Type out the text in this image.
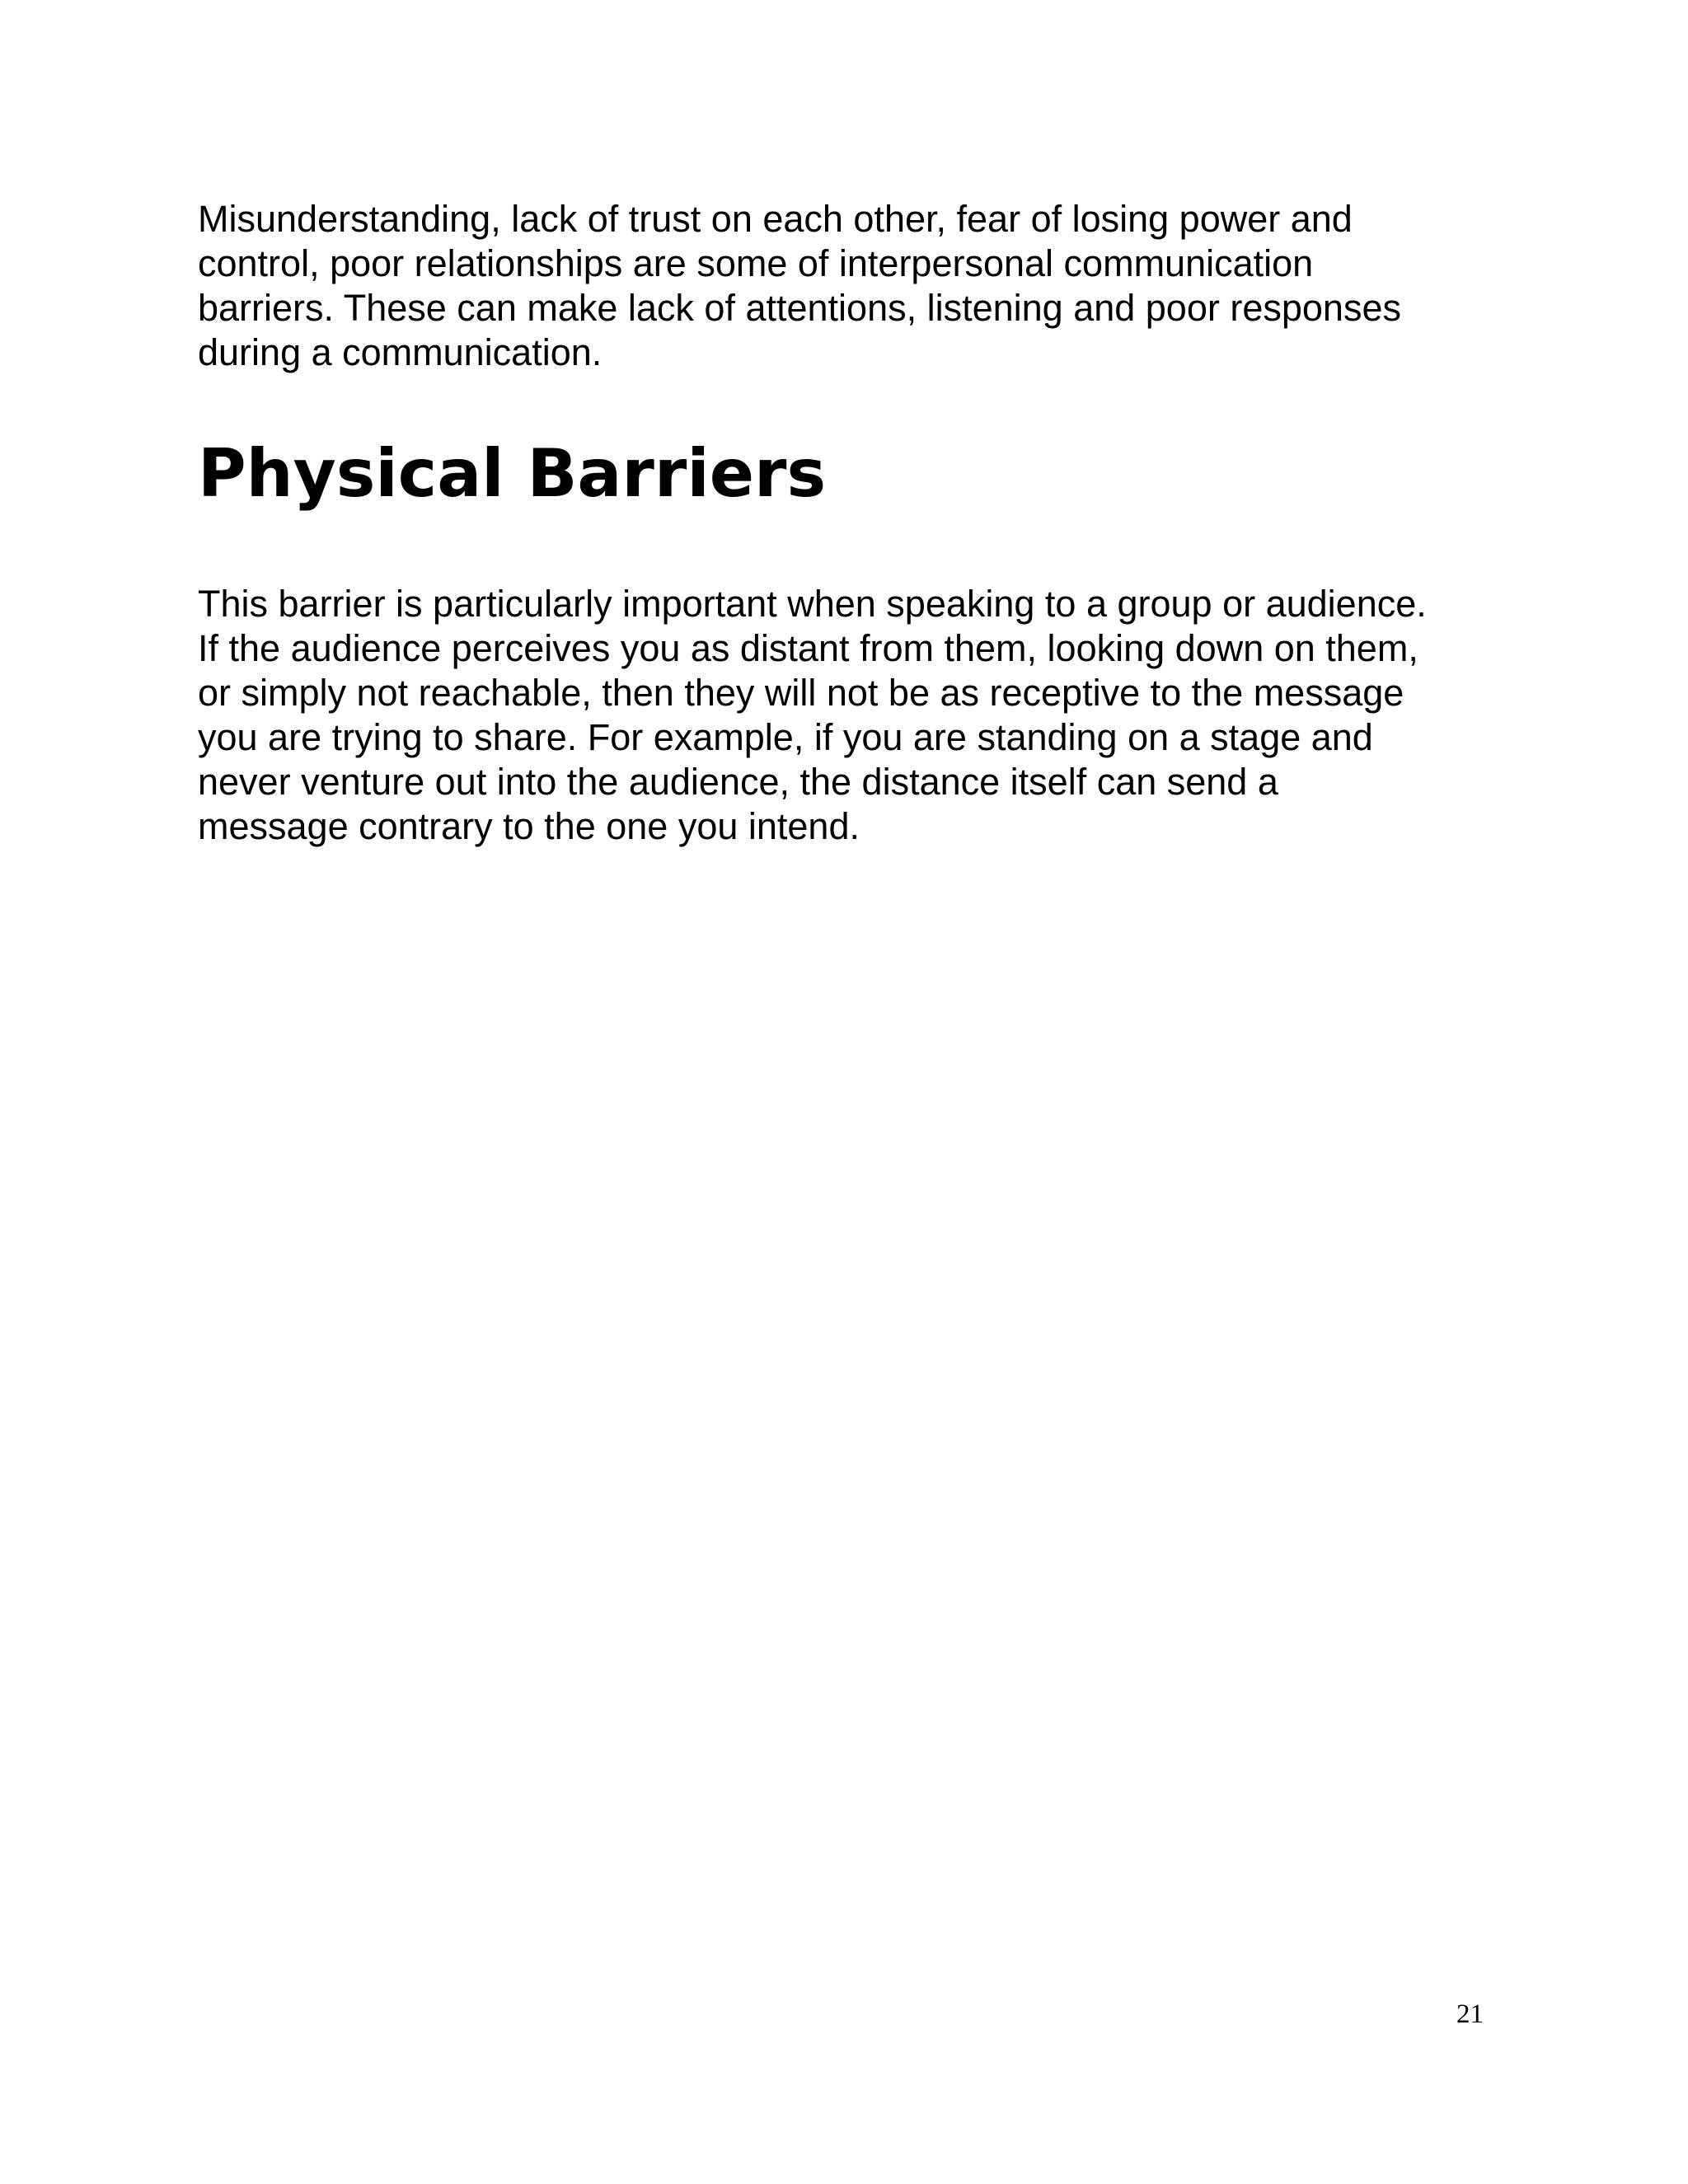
Misunderstanding, lack of trust on each other, fear of losing power and
control, poor relationships are some of interpersonal communication
barriers. These can make lack of attentions, listening and poor responses
during a communication.

Physical Barriers

This barrier is particularly important when speaking to a group or audience.
If the audience perceives you as distant from them, looking down on them,
or simply not reachable, then they will not be as receptive to the message
you are trying to share. For example, if you are standing on a stage and
never venture out into the audience, the distance itself can send a
message contrary to the one you intend.

21
